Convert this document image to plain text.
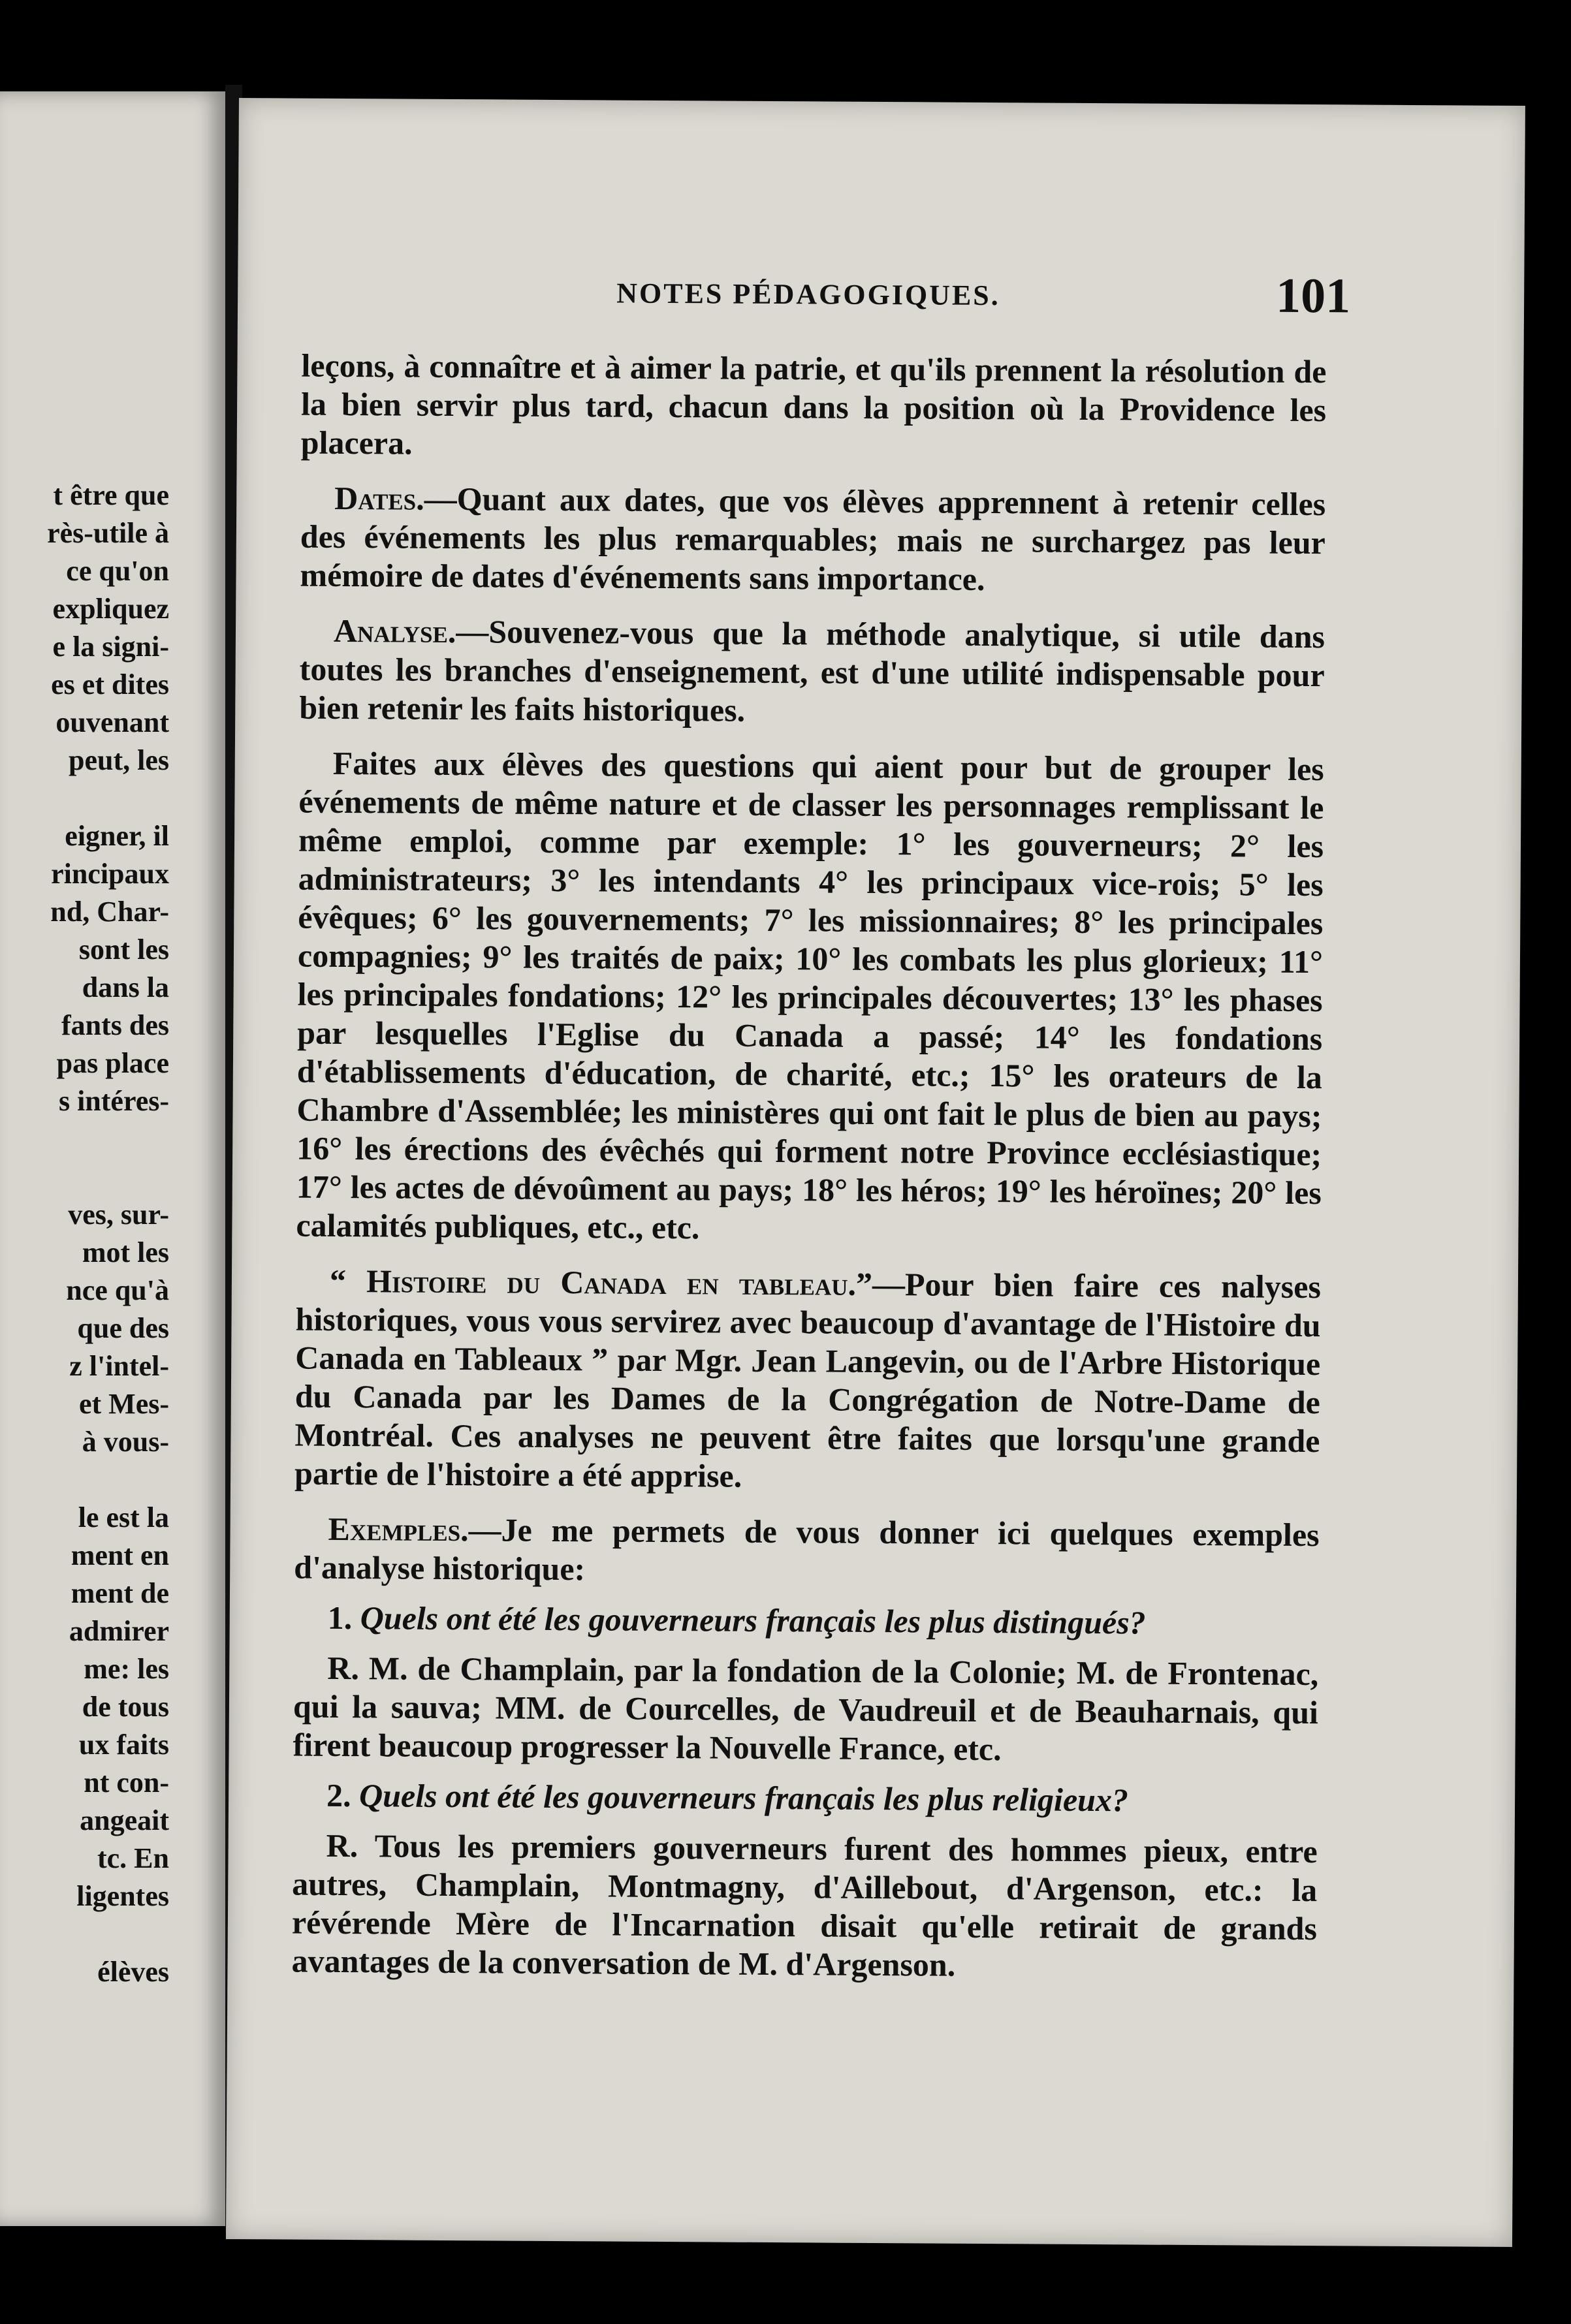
t être que
rès-utile à
ce qu'on
expliquez
e la signi-
es et dites
ouvenant
peut, les
eigner, il
rincipaux
nd, Char-
sont les
dans la
fants des
pas place
s intéres-
ves, sur-
mot les
nce qu'à
que des
z l'intel-
et Mes-
à vous-
le est la
ment en
ment de
admirer
me: les
de tous
ux faits
nt con-
angeait
tc. En
ligentes
élèves
NOTES PÉDAGOGIQUES.	101

leçons, à connaître et à aimer la patrie, et qu'ils prennent la résolution de la bien servir plus tard, chacun dans la position où la Providence les placera.

Dates.—Quant aux dates, que vos élèves apprennent à retenir celles des événements les plus remarquables; mais ne surchargez pas leur mémoire de dates d'événements sans importance.

Analyse.—Souvenez-vous que la méthode analytique, si utile dans toutes les branches d'enseignement, est d'une utilité indispensable pour bien retenir les faits historiques.

Faites aux élèves des questions qui aient pour but de grouper les événements de même nature et de classer les personnages remplissant le même emploi, comme par exemple: 1° les gouverneurs; 2° les administrateurs; 3° les intendants 4° les principaux vice-rois; 5° les évêques; 6° les gouvernements; 7° les missionnaires; 8° les principales compagnies; 9° les traités de paix; 10° les combats les plus glorieux; 11° les principales fondations; 12° les principales découvertes; 13° les phases par lesquelles l'Eglise du Canada a passé; 14° les fondations d'établissements d'éducation, de charité, etc.; 15° les orateurs de la Chambre d'Assemblée; les ministères qui ont fait le plus de bien au pays; 16° les érections des évêchés qui forment notre Province ecclésiastique; 17° les actes de dévoûment au pays; 18° les héros; 19° les héroïnes; 20° les calamités publiques, etc., etc.

“ Histoire du Canada en tableau.”—Pour bien faire ces nalyses historiques, vous vous servirez avec beaucoup d'avantage de l'Histoire du Canada en Tableaux ” par Mgr. Jean Langevin, ou de l'Arbre Historique du Canada par les Dames de la Congrégation de Notre-Dame de Montréal. Ces analyses ne peuvent être faites que lorsqu'une grande partie de l'histoire a été apprise.

Exemples.—Je me permets de vous donner ici quelques exemples d'analyse historique:

1. Quels ont été les gouverneurs français les plus distingués?

R. M. de Champlain, par la fondation de la Colonie; M. de Frontenac, qui la sauva; MM. de Courcelles, de Vaudreuil et de Beauharnais, qui firent beaucoup progresser la Nouvelle France, etc.

2. Quels ont été les gouverneurs français les plus religieux?

R. Tous les premiers gouverneurs furent des hommes pieux, entre autres, Champlain, Montmagny, d'Aillebout, d'Argenson, etc.: la révérende Mère de l'Incarnation disait qu'elle retirait de grands avantages de la conversation de M. d'Argenson.
